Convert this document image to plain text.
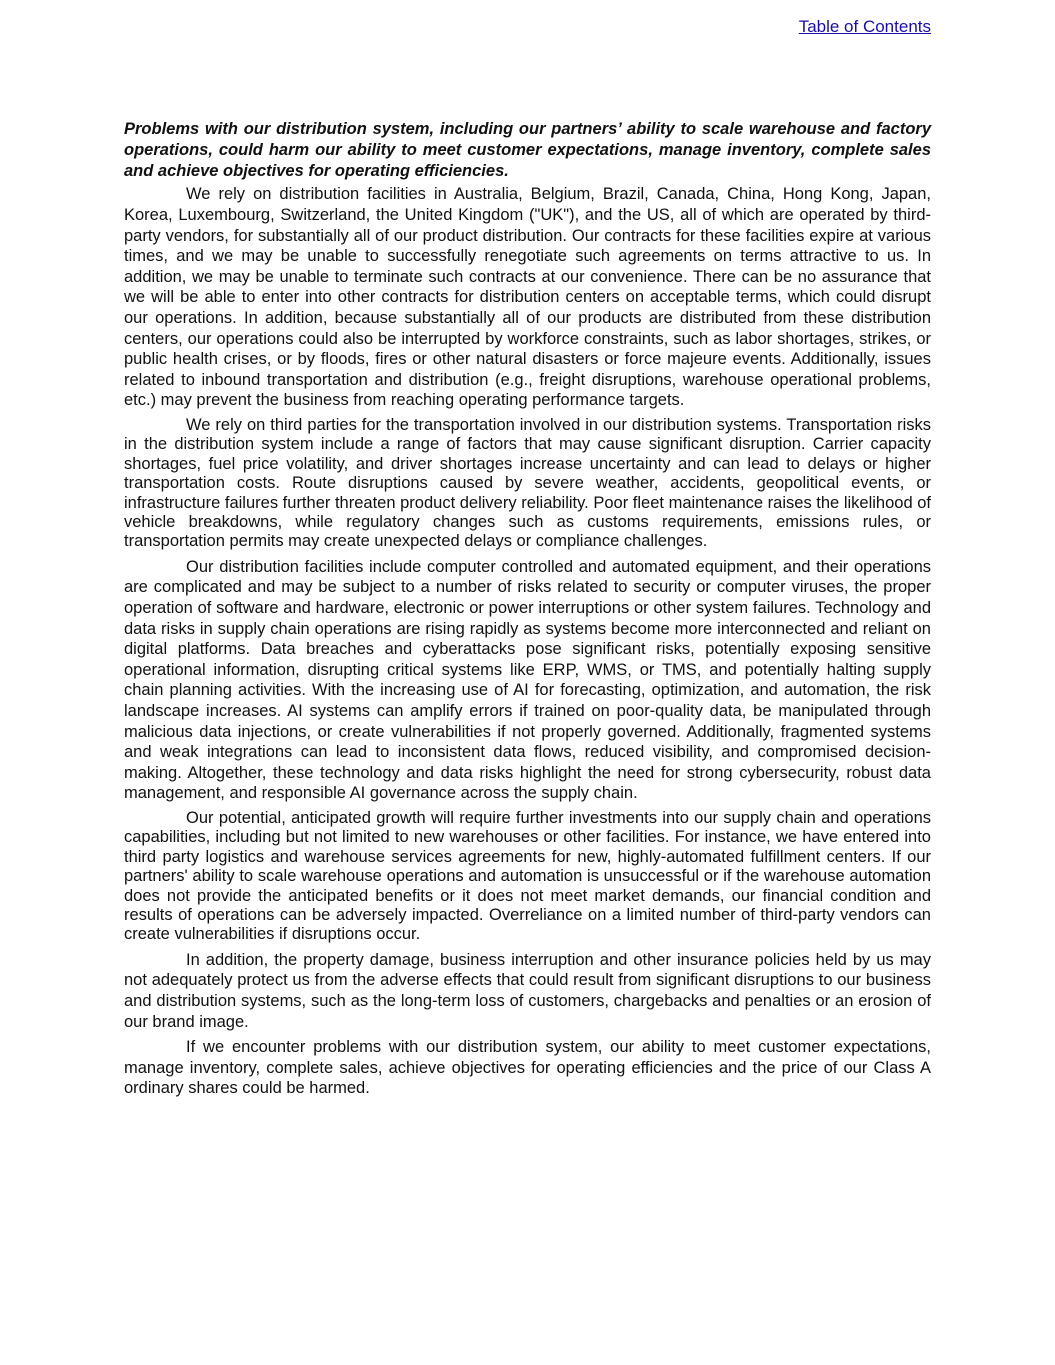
Table of Contents

Problems with our distribution system, including our partners’ ability to scale warehouse and factory operations, could harm our ability to meet customer expectations, manage inventory, complete sales and achieve objectives for operating efficiencies.

We rely on distribution facilities in Australia, Belgium, Brazil, Canada, China, Hong Kong, Japan, Korea, Luxembourg, Switzerland, the United Kingdom ("UK"), and the US, all of which are operated by third-party vendors, for substantially all of our product distribution. Our contracts for these facilities expire at various times, and we may be unable to successfully renegotiate such agreements on terms attractive to us. In addition, we may be unable to terminate such contracts at our convenience. There can be no assurance that we will be able to enter into other contracts for distribution centers on acceptable terms, which could disrupt our operations. In addition, because substantially all of our products are distributed from these distribution centers, our operations could also be interrupted by workforce constraints, such as labor shortages, strikes, or public health crises, or by floods, fires or other natural disasters or force majeure events. Additionally, issues related to inbound transportation and distribution (e.g., freight disruptions, warehouse operational problems, etc.) may prevent the business from reaching operating performance targets.

We rely on third parties for the transportation involved in our distribution systems. Transportation risks in the distribution system include a range of factors that may cause significant disruption. Carrier capacity shortages, fuel price volatility, and driver shortages increase uncertainty and can lead to delays or higher transportation costs. Route disruptions caused by severe weather, accidents, geopolitical events, or infrastructure failures further threaten product delivery reliability. Poor fleet maintenance raises the likelihood of vehicle breakdowns, while regulatory changes such as customs requirements, emissions rules, or transportation permits may create unexpected delays or compliance challenges.

Our distribution facilities include computer controlled and automated equipment, and their operations are complicated and may be subject to a number of risks related to security or computer viruses, the proper operation of software and hardware, electronic or power interruptions or other system failures. Technology and data risks in supply chain operations are rising rapidly as systems become more interconnected and reliant on digital platforms. Data breaches and cyberattacks pose significant risks, potentially exposing sensitive operational information, disrupting critical systems like ERP, WMS, or TMS, and potentially halting supply chain planning activities. With the increasing use of AI for forecasting, optimization, and automation, the risk landscape increases. AI systems can amplify errors if trained on poor-quality data, be manipulated through malicious data injections, or create vulnerabilities if not properly governed. Additionally, fragmented systems and weak integrations can lead to inconsistent data flows, reduced visibility, and compromised decision-making. Altogether, these technology and data risks highlight the need for strong cybersecurity, robust data management, and responsible AI governance across the supply chain.

Our potential, anticipated growth will require further investments into our supply chain and operations capabilities, including but not limited to new warehouses or other facilities. For instance, we have entered into third party logistics and warehouse services agreements for new, highly-automated fulfillment centers. If our partners' ability to scale warehouse operations and automation is unsuccessful or if the warehouse automation does not provide the anticipated benefits or it does not meet market demands, our financial condition and results of operations can be adversely impacted. Overreliance on a limited number of third-party vendors can create vulnerabilities if disruptions occur.

In addition, the property damage, business interruption and other insurance policies held by us may not adequately protect us from the adverse effects that could result from significant disruptions to our business and distribution systems, such as the long-term loss of customers, chargebacks and penalties or an erosion of our brand image.

If we encounter problems with our distribution system, our ability to meet customer expectations, manage inventory, complete sales, achieve objectives for operating efficiencies and the price of our Class A ordinary shares could be harmed.
